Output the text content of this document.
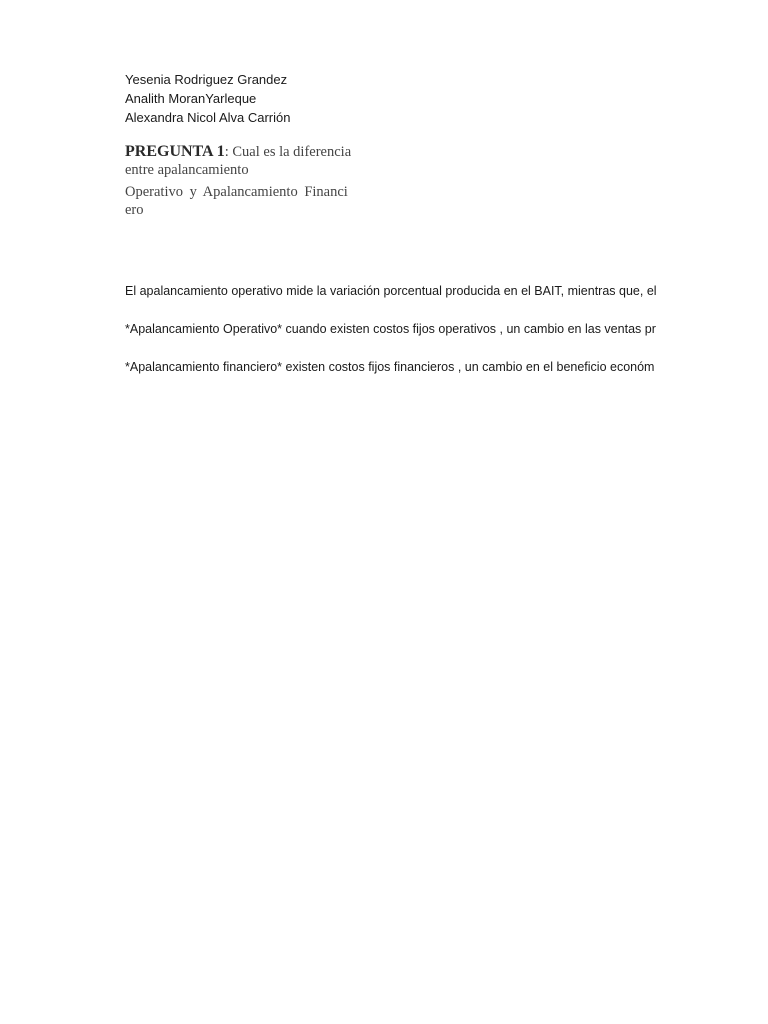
Yesenia Rodriguez Grandez
Analith MoranYarleque
Alexandra Nicol Alva Carrión
PREGUNTA 1: Cual es la diferencia
entre apalancamiento
Operativo y Apalancamiento Financi
ero

El apalancamiento operativo mide la variación porcentual producida en el BAIT, mientras que, el

*Apalancamiento Operativo* cuando existen costos fijos operativos , un cambio en las ventas pr

*Apalancamiento financiero* existen costos fijos financieros , un cambio en el beneficio económ
